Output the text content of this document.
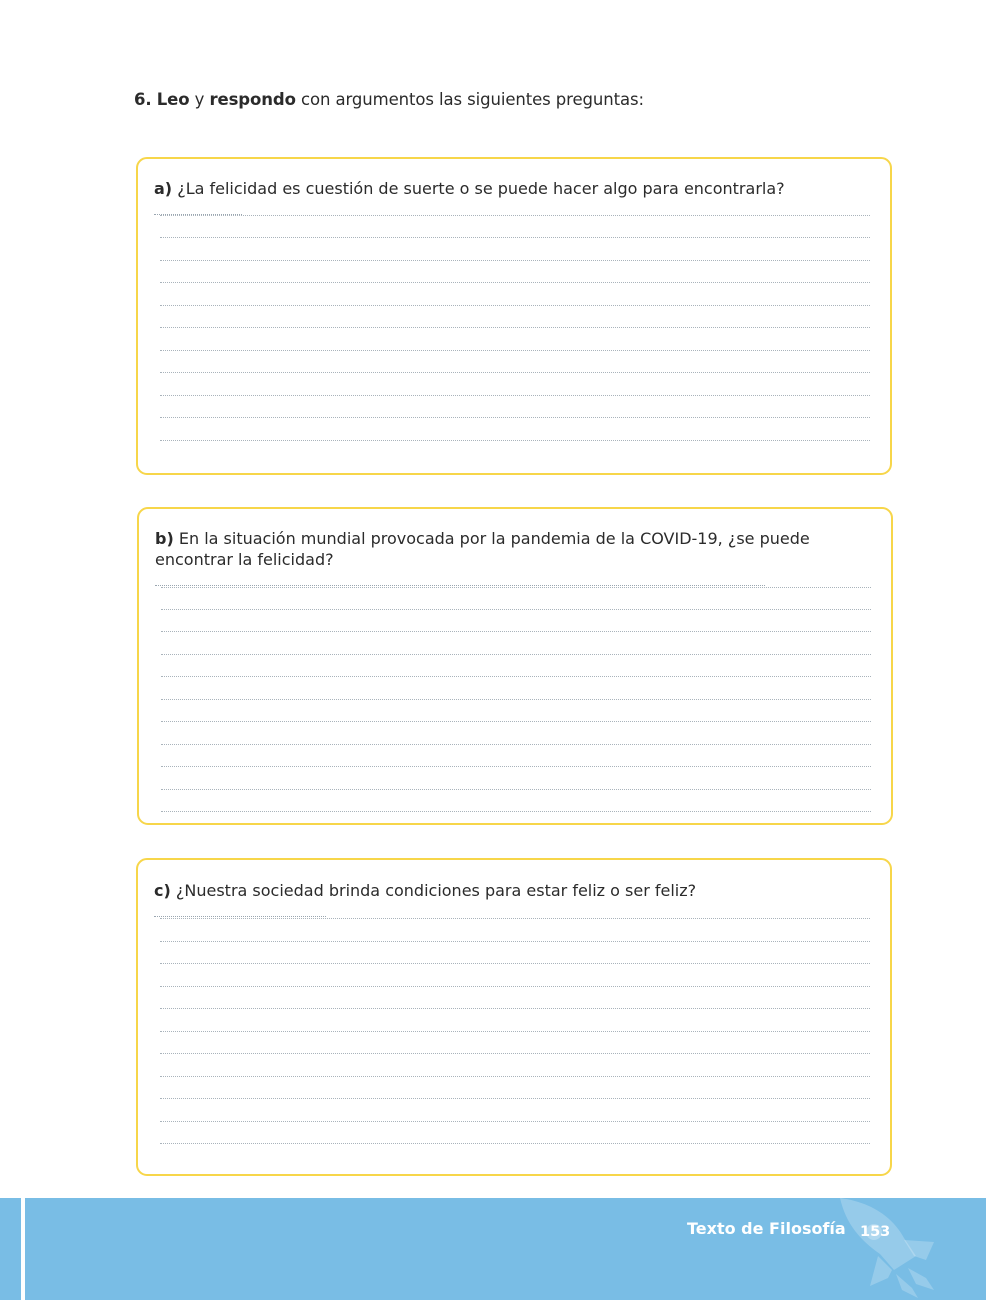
6. Leo y respondo con argumentos las siguientes preguntas:
a) ¿La felicidad es cuestión de suerte o se puede hacer algo para encontrarla?
b) En la situación mundial provocada por la pandemia de la COVID-19, ¿se puede encontrar la felicidad?
c) ¿Nuestra sociedad brinda condiciones para estar feliz o ser feliz?
Texto de Filosofía 153
